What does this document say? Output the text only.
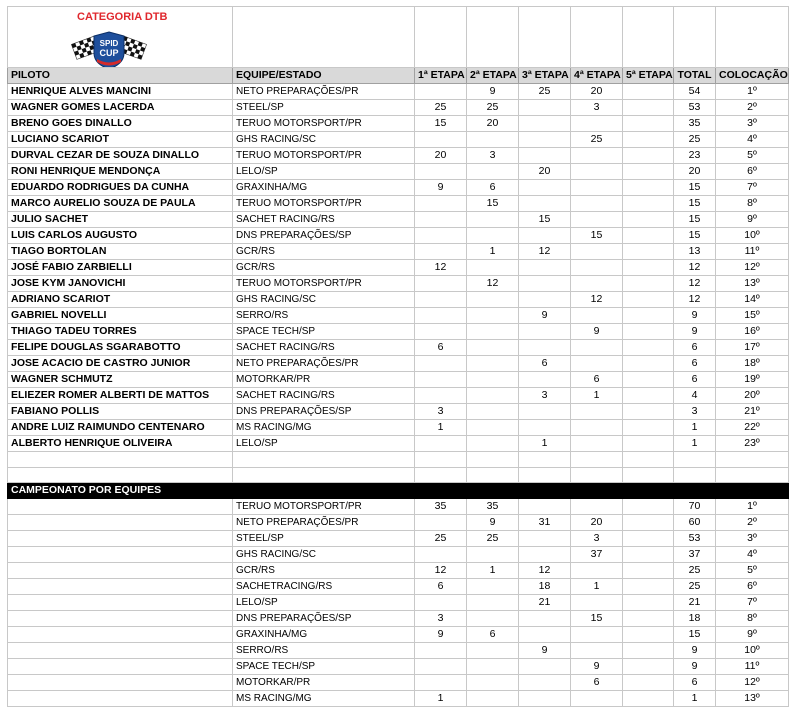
CATEGORIA DTB
SPID
CUP								

PILOTO	EQUIPE/ESTADO	1ª ETAPA	2ª ETAPA	3ª ETAPA	4ª ETAPA	5ª ETAPA	TOTAL	COLOCAÇÃO
HENRIQUE ALVES MANCINI	NETO PREPARAÇÕES/PR		9	25	20		54	1º
WAGNER GOMES LACERDA	STEEL/SP	25	25		3		53	2º
BRENO GOES DINALLO	TERUO MOTORSPORT/PR	15	20				35	3º
LUCIANO SCARIOT	GHS RACING/SC				25		25	4º
DURVAL CEZAR DE SOUZA DINALLO	TERUO MOTORSPORT/PR	20	3				23	5º
RONI HENRIQUE MENDONÇA	LELO/SP			20			20	6º
EDUARDO RODRIGUES DA CUNHA	GRAXINHA/MG	9	6				15	7º
MARCO AURELIO SOUZA DE PAULA	TERUO MOTORSPORT/PR		15				15	8º
JULIO SACHET	SACHET RACING/RS			15			15	9º
LUIS CARLOS AUGUSTO	DNS PREPARAÇÕES/SP				15		15	10º
TIAGO BORTOLAN	GCR/RS		1	12			13	11º
JOSÉ FABIO ZARBIELLI	GCR/RS	12					12	12º
JOSE KYM JANOVICHI	TERUO MOTORSPORT/PR		12				12	13º
ADRIANO SCARIOT	GHS RACING/SC				12		12	14º
GABRIEL NOVELLI	SERRO/RS			9			9	15º
THIAGO TADEU TORRES	SPACE TECH/SP				9		9	16º
FELIPE DOUGLAS SGARABOTTO	SACHET RACING/RS	6					6	17º
JOSE ACACIO DE CASTRO JUNIOR	NETO PREPARAÇÕES/PR			6			6	18º
WAGNER SCHMUTZ	MOTORKAR/PR				6		6	19º
ELIEZER ROMER ALBERTI DE MATTOS	SACHET RACING/RS			3	1		4	20º
FABIANO POLLIS	DNS PREPARAÇÕES/SP	3					3	21º
ANDRE LUIZ RAIMUNDO CENTENARO	MS RACING/MG	1					1	22º
ALBERTO HENRIQUE OLIVEIRA	LELO/SP			1			1	23º

CAMPEONATO POR EQUIPES								
	TERUO MOTORSPORT/PR	35	35				70	1º
	NETO PREPARAÇÕES/PR		9	31	20		60	2º
	STEEL/SP	25	25		3		53	3º
	GHS RACING/SC				37		37	4º
	GCR/RS	12	1	12			25	5º
	SACHETRACING/RS	6		18	1		25	6º
	LELO/SP			21			21	7º
	DNS PREPARAÇÕES/SP	3			15		18	8º
	GRAXINHA/MG	9	6				15	9º
	SERRO/RS			9			9	10º
	SPACE TECH/SP				9		9	11º
	MOTORKAR/PR				6		6	12º
	MS RACING/MG	1					1	13º
